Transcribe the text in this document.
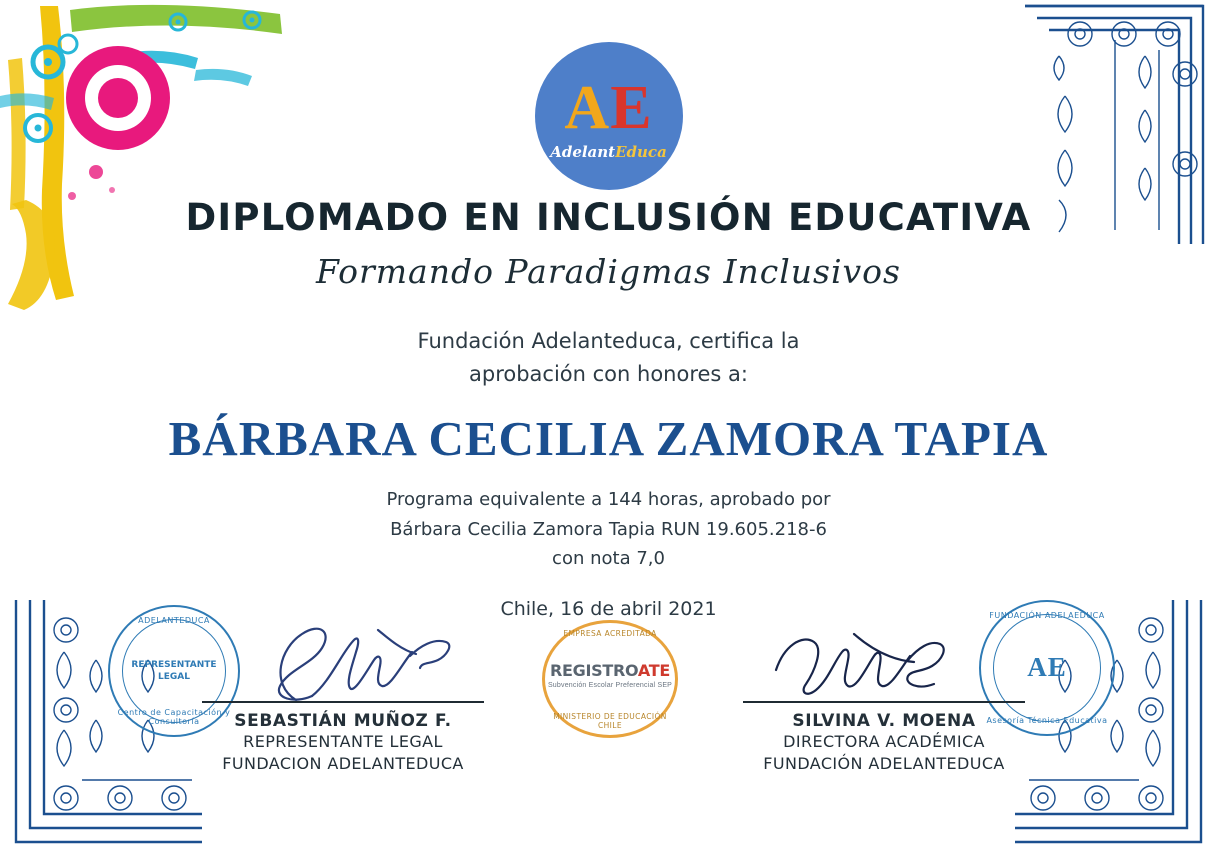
AE
AdelantEduca
DIPLOMADO EN INCLUSIÓN EDUCATIVA
Formando Paradigmas Inclusivos
Fundación Adelanteduca, certifica la
aprobación con honores a:
BÁRBARA CECILIA ZAMORA TAPIA
Programa equivalente a 144 horas, aprobado por
Bárbara Cecilia Zamora Tapia RUN 19.605.218-6
con nota 7,0
Chile, 16 de abril 2021
ADELANTEDUCA
REPRESENTANTE LEGAL
Centro de Capacitación y Consultoría
FUNDACIÓN ADELAEDUCA
AE
Asesoría Técnica Educativa
EMPRESA ACREDITADA
REGISTROATE
Subvención Escolar Preferencial SEP
MINISTERIO DE EDUCACIÓN CHILE
SEBASTIÁN MUÑOZ F.
REPRESENTANTE LEGAL
FUNDACION ADELANTEDUCA
SILVINA V. MOENA
DIRECTORA ACADÉMICA
FUNDACIÓN ADELANTEDUCA
